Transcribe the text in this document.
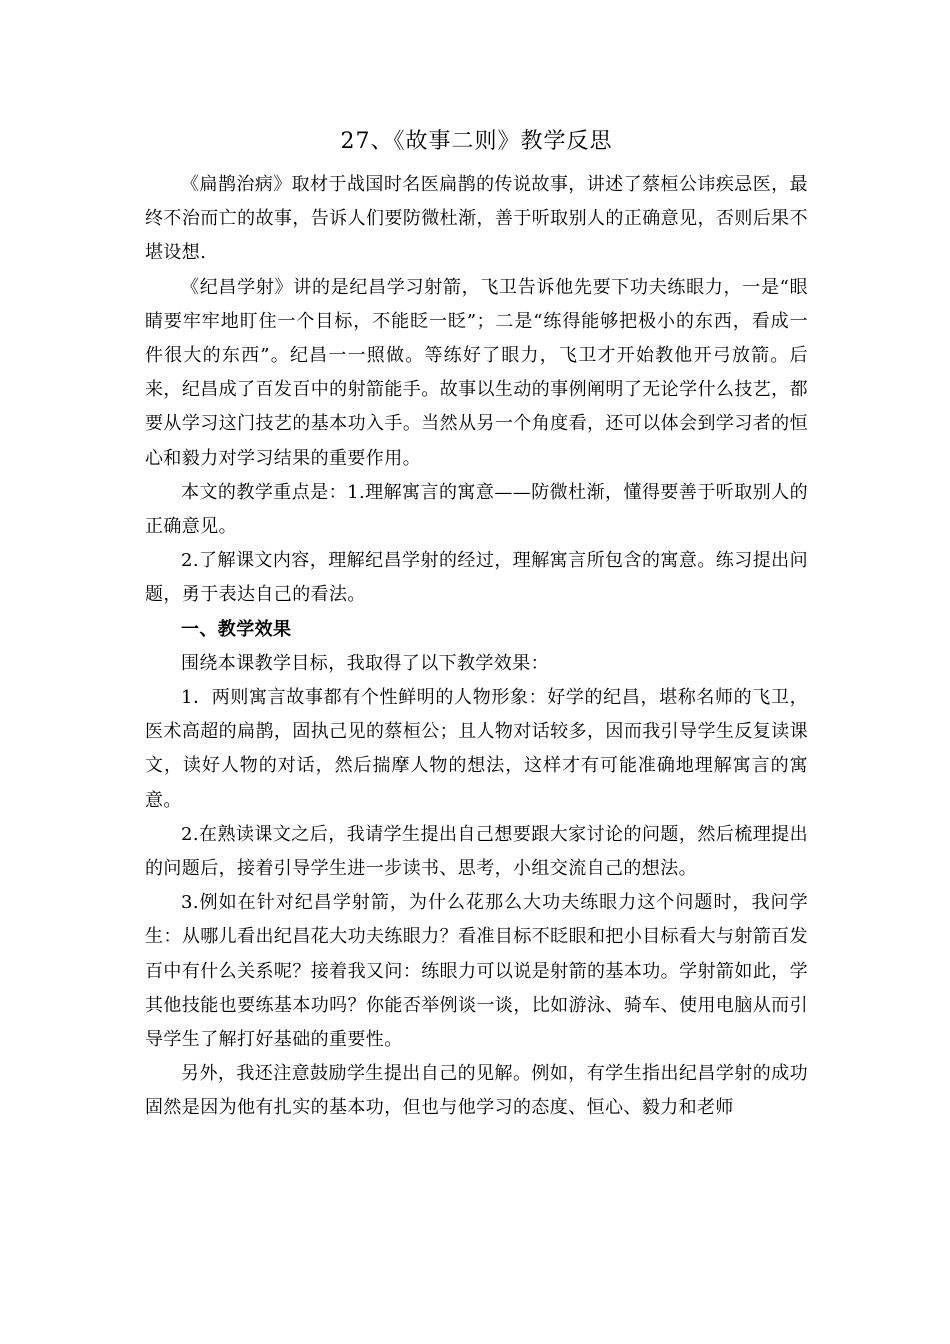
27、《故事二则》教学反思

《扁鹊治病》取材于战国时名医扁鹊的传说故事，讲述了蔡桓公讳疾忌医，最终不治而亡的故事，告诉人们要防微杜渐，善于听取别人的正确意见，否则后果不堪设想.

《纪昌学射》讲的是纪昌学习射箭，飞卫告诉他先要下功夫练眼力，一是“眼睛要牢牢地盯住一个目标，不能眨一眨”；二是“练得能够把极小的东西，看成一件很大的东西”。纪昌一一照做。等练好了眼力，飞卫才开始教他开弓放箭。后来，纪昌成了百发百中的射箭能手。故事以生动的事例阐明了无论学什么技艺，都要从学习这门技艺的基本功入手。当然从另一个角度看，还可以体会到学习者的恒心和毅力对学习结果的重要作用。

本文的教学重点是：1.理解寓言的寓意——防微杜渐，懂得要善于听取别人的正确意见。

2.了解课文内容，理解纪昌学射的经过，理解寓言所包含的寓意。练习提出问题，勇于表达自己的看法。

一、教学效果

围绕本课教学目标，我取得了以下教学效果：

1．两则寓言故事都有个性鲜明的人物形象：好学的纪昌，堪称名师的飞卫，医术高超的扁鹊，固执己见的蔡桓公；且人物对话较多，因而我引导学生反复读课文，读好人物的对话，然后揣摩人物的想法，这样才有可能准确地理解寓言的寓意。

2.在熟读课文之后，我请学生提出自己想要跟大家讨论的问题，然后梳理提出的问题后，接着引导学生进一步读书、思考，小组交流自己的想法。

3.例如在针对纪昌学射箭，为什么花那么大功夫练眼力这个问题时，我问学生：从哪儿看出纪昌花大功夫练眼力？看准目标不眨眼和把小目标看大与射箭百发百中有什么关系呢？接着我又问：练眼力可以说是射箭的基本功。学射箭如此，学其他技能也要练基本功吗？你能否举例谈一谈，比如游泳、骑车、使用电脑从而引导学生了解打好基础的重要性。

另外，我还注意鼓励学生提出自己的见解。例如，有学生指出纪昌学射的成功固然是因为他有扎实的基本功，但也与他学习的态度、恒心、毅力和老师
